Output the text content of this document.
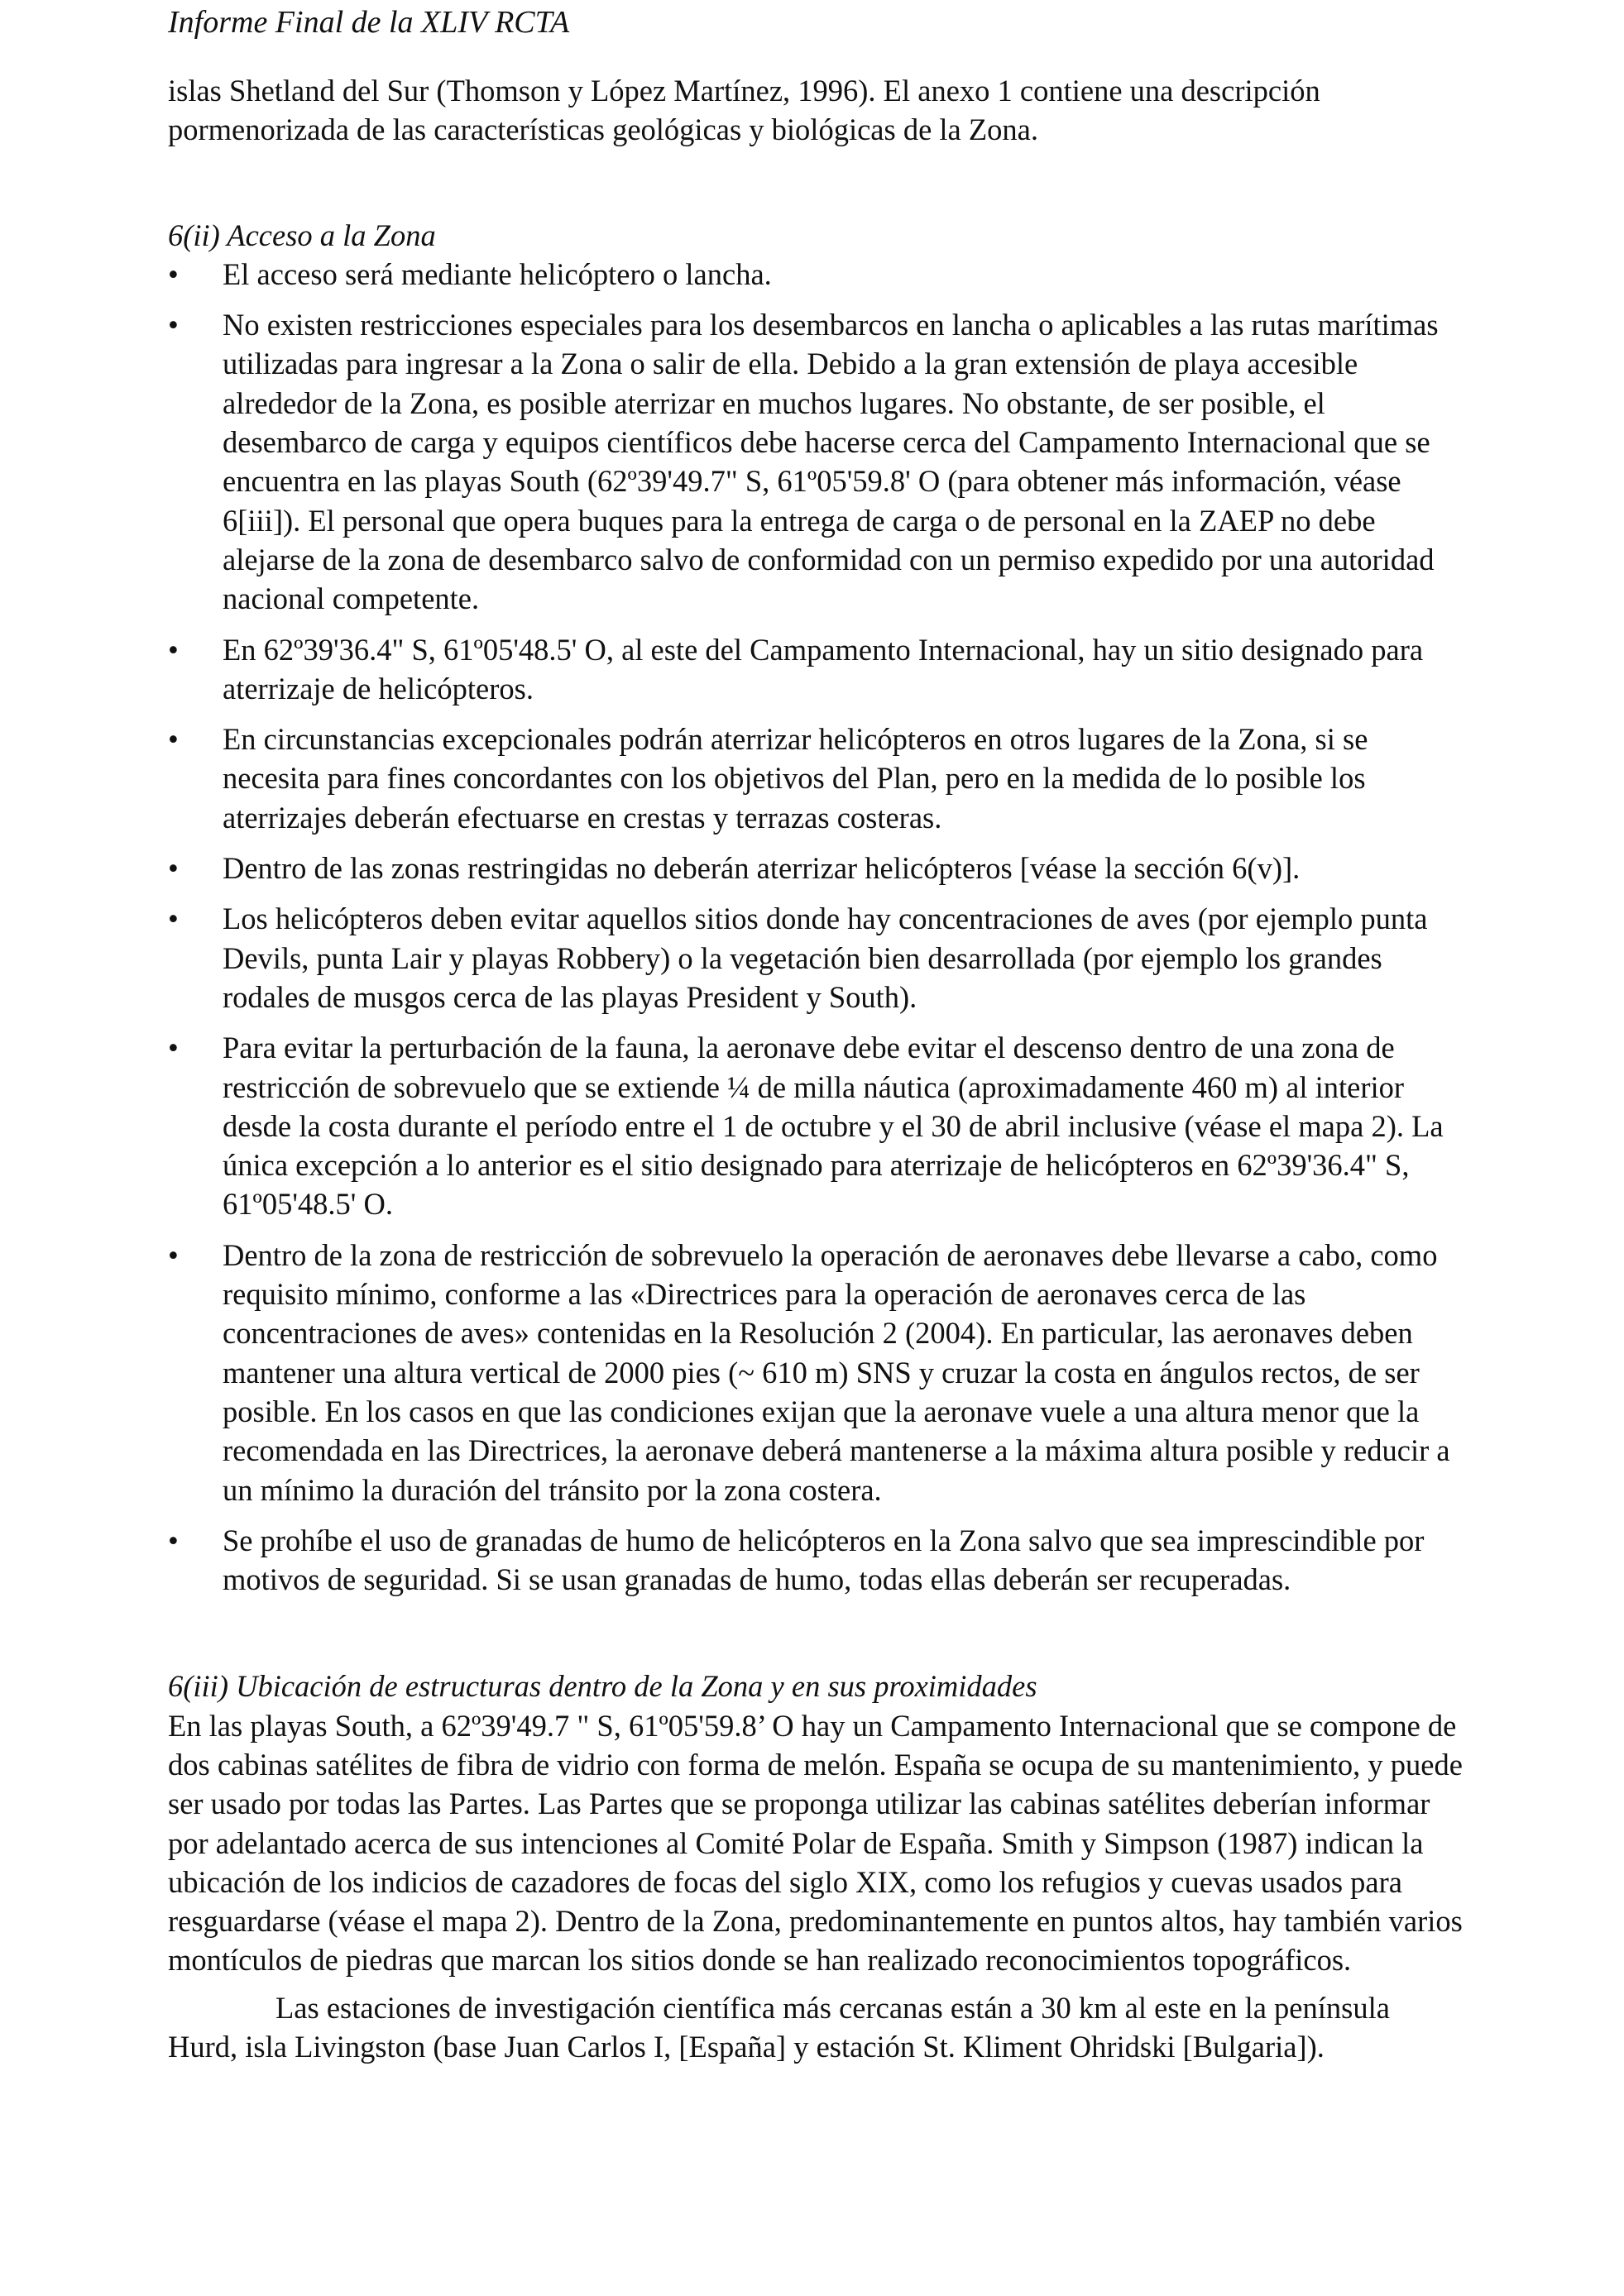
Informe Final de la XLIV RCTA

islas Shetland del Sur (Thomson y López Martínez, 1996). El anexo 1 contiene una descripción pormenorizada de las características geológicas y biológicas de la Zona.

6(ii) Acceso a la Zona

• El acceso será mediante helicóptero o lancha.
• No existen restricciones especiales para los desembarcos en lancha o aplicables a las rutas marítimas utilizadas para ingresar a la Zona o salir de ella. Debido a la gran extensión de playa accesible alrededor de la Zona, es posible aterrizar en muchos lugares. No obstante, de ser posible, el desembarco de carga y equipos científicos debe hacerse cerca del Campamento Internacional que se encuentra en las playas South (62º39'49.7" S, 61º05'59.8' O (para obtener más información, véase 6[iii]). El personal que opera buques para la entrega de carga o de personal en la ZAEP no debe alejarse de la zona de desembarco salvo de conformidad con un permiso expedido por una autoridad nacional competente.
• En 62º39'36.4" S, 61º05'48.5' O, al este del Campamento Internacional, hay un sitio designado para aterrizaje de helicópteros.
• En circunstancias excepcionales podrán aterrizar helicópteros en otros lugares de la Zona, si se necesita para fines concordantes con los objetivos del Plan, pero en la medida de lo posible los aterrizajes deberán efectuarse en crestas y terrazas costeras.
• Dentro de las zonas restringidas no deberán aterrizar helicópteros [véase la sección 6(v)].
• Los helicópteros deben evitar aquellos sitios donde hay concentraciones de aves (por ejemplo punta Devils, punta Lair y playas Robbery) o la vegetación bien desarrollada (por ejemplo los grandes rodales de musgos cerca de las playas President y South).
• Para evitar la perturbación de la fauna, la aeronave debe evitar el descenso dentro de una zona de restricción de sobrevuelo que se extiende ¼ de milla náutica (aproximadamente 460 m) al interior desde la costa durante el período entre el 1 de octubre y el 30 de abril inclusive (véase el mapa 2). La única excepción a lo anterior es el sitio designado para aterrizaje de helicópteros en 62º39'36.4" S, 61º05'48.5' O.
• Dentro de la zona de restricción de sobrevuelo la operación de aeronaves debe llevarse a cabo, como requisito mínimo, conforme a las «Directrices para la operación de aeronaves cerca de las concentraciones de aves» contenidas en la Resolución 2 (2004). En particular, las aeronaves deben mantener una altura vertical de 2000 pies (~ 610 m) SNS y cruzar la costa en ángulos rectos, de ser posible. En los casos en que las condiciones exijan que la aeronave vuele a una altura menor que la recomendada en las Directrices, la aeronave deberá mantenerse a la máxima altura posible y reducir a un mínimo la duración del tránsito por la zona costera.
• Se prohíbe el uso de granadas de humo de helicópteros en la Zona salvo que sea imprescindible por motivos de seguridad. Si se usan granadas de humo, todas ellas deberán ser recuperadas.

6(iii) Ubicación de estructuras dentro de la Zona y en sus proximidades

En las playas South, a 62º39'49.7 " S, 61º05'59.8’ O hay un Campamento Internacional que se compone de dos cabinas satélites de fibra de vidrio con forma de melón. España se ocupa de su mantenimiento, y puede ser usado por todas las Partes. Las Partes que se proponga utilizar las cabinas satélites deberían informar por adelantado acerca de sus intenciones al Comité Polar de España. Smith y Simpson (1987) indican la ubicación de los indicios de cazadores de focas del siglo XIX, como los refugios y cuevas usados para resguardarse (véase el mapa 2). Dentro de la Zona, predominantemente en puntos altos, hay también varios montículos de piedras que marcan los sitios donde se han realizado reconocimientos topográficos.

Las estaciones de investigación científica más cercanas están a 30 km al este en la península Hurd, isla Livingston (base Juan Carlos I, [España] y estación St. Kliment Ohridski [Bulgaria]).
